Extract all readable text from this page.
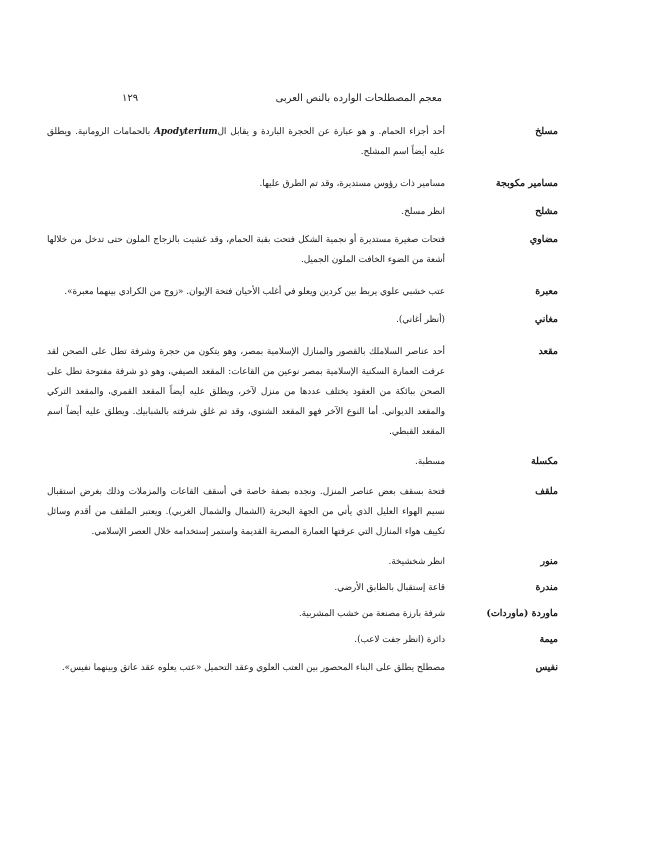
معجم المصطلحات الوارده بالنص العربى
١٢٩
مسلخ
أحد أجزاء الحمام. و هو عبارة عن الحجرة الباردة و يقابل الApodyterium بالحمامات الرومانية. ويطلق عليه أيضاً اسم المشلح.
مسامير مكوبجة
مسامير ذات رؤوس مستديرة، وقد تم الطرق عليها.
مشلح
انظر مسلخ.
مضاوي
فتحات صغيرة مستديرة أو نجمية الشكل فتحت بقبة الحمام، وقد غشيت بالزجاج الملون حتى تدخل من خلالها أشعة من الضوء الخافت الملون الجميل.
معبرة
عتب خشبي علوي يربط بين كردين ويعلو في أغلب الأحيان فتحة الإيوان. «زوج من الكرادي بينهما معبرة».
مغاني
(أنظر أغاني).
مقعد
أحد عناصر السلاملك بالقصور والمنازل الإسلامية بمصر، وهو يتكون من حجرة وشرفة تطل على الصحن لقد عرفت العمارة السكنية الإسلامية بمصر نوعين من القاعات: المقعد الصيفي، وهو ذو شرفة مفتوحة تطل على الصحن ببائكة من العقود يختلف عددها من منزل لآخر، ويطلق عليه أيضاً المقعد القمري، والمقعد التركي والمقعد الديواني. أما النوع الآخر فهو المقعد الشتوي، وقد تم غلق شرفته بالشبابيك. ويطلق عليه أيضاً اسم المقعد القبطي.
مكسلة
مسطبة.
ملقف
فتحة بسقف بعض عناصر المنزل. ونجده بصفة خاصة في أسقف القاعات والمزملات وذلك بغرض استقبال نسيم الهواء العليل الذي يأتي من الجهة البحرية (الشمال والشمال الغربي). ويعتبر الملقف من أقدم وسائل تكييف هواء المنازل التي عرفتها العمارة المصرية القديمة واستمر إستخدامه خلال العصر الإسلامي.
منور
انظر شخشيخة.
مندرة
قاعة إستقبال بالطابق الأرضي.
ماوردة (ماوردات)
شرفة بارزة مصنعة من خشب المشربية.
ميمة
دائرة (انظر جفت لاعب).
نفيس
مصطلح يطلق على البناء المحصور بين العتب العلوي وعقد التحميل «عتب يعلوه عقد عاتق وبينهما نفيس».
